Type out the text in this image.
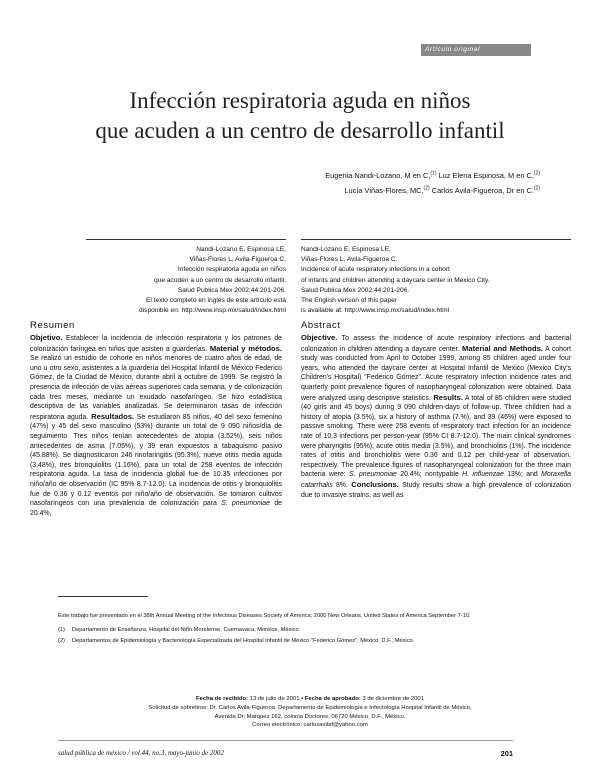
Artículo original
Infección respiratoria aguda en niños
que acuden a un centro de desarrollo infantil
Eugenia Nandi-Lozano, M en C,$^{(1)}$ Luz Elena Espinosa, M en C,$^{(2)}$
Lucía Viñas-Flores, MC,$^{(2)}$ Carlos Avila-Figueroa, Dr en C.$^{(2)}$
Nandi-Lozano E, Espinosa LE,
Viñas-Flores L, Avila-Figueroa C.
Infección respiratoria aguda en niños
que acuden a un centro de desarrollo infantil.
Salud Publica Mex 2002;44:201-206.
El texto completo en inglés de este artículo está
disponible en: http://www.insp.mx/salud/index.html
Nandi-Lozano E, Espinosa LE,
Viñas-Flores L, Avila-Figueroa C.
Incidence of acute respiratory infections in a cohort
of infants and children attending a daycare center in Mexico City.
Salud Publica Mex 2002;44:201-206.
The English version of this paper
is available at: http://www.insp.mx/salud/index.html
Resumen
Objetivo. Establecer la incidencia de infección respiratoria y los patrones de colonización faríngea en niños que asisten a guarderías. Material y métodos. Se realizó un estudio de cohorte en niños menores de cuatro años de edad, de uno u otro sexo, asistentes a la guardería del Hospital Infantil de México Federico Gómez, de la Ciudad de México, durante abril a octubre de 1999. Se registró la presencia de infección de vías aéreas superiores cada semana, y de colonización cada tres meses, mediante un exudado nasofaríngeo. Se hizo estadística descriptiva de las variables analizadas. Se determinaron tasas de infección respiratoria aguda. Resultados. Se estudiaron 85 niños, 40 del sexo femenino (47%) y 45 del sexo masculino (53%) durante un total de 9 090 niños/día de seguimiento. Tres niños tenían antecedentes de atopia (3.52%), seis niños antecedentes de asma (7.05%), y 39 eran expuestos a tabaquismo pasivo (45.88%). Se diagnosticaron 246 rinofaringitis (95.3%), nueve otitis media aguda (3.48%), tres bronquiolitis (1.16%), para un total de 258 eventos de infección respiratoria aguda. La tasa de incidencia global fue de 10.35 infecciones por niño/año de observación (IC 95% 8.7-12.0). La incidencia de otitis y bronquiolitis fue de 0.36 y 0.12 eventos por niño/año de observación. Se tomaron cultivos nasofaríngeos con una prevalencia de colonización para S. pneumoniae de 20.4%,
Abstract
Objective. To assess the incidence of acute respiratory infections and bacterial colonization in children attending a daycare center. Material and Methods. A cohort study was conducted from April to October 1999, among 85 children aged under four years, who attended the daycare center at Hospital Infantil de Mexico (Mexico City's Children's Hospital) "Federico Gómez". Acute respiratory infection incidence rates and quarterly point prevalence figures of nasopharyngeal colonization were obtained. Data were analyzed using descriptive statistics. Results. A total of 85 children were studied (40 girls and 45 boys) during 9 090 children-days of follow-up. Three children had a history of atopia (3.5%), six a history of asthma (7.%), and 39 (46%) were exposed to passive smoking. There were 258 events of respiratory tract infection for an incidence rate of 10.3 infections per person-year (95% CI 8.7-12.0). The main clinical syndromes were pharyngitis (95%), acute otitis media (3.5%), and bronchiolitis (1%). The incidence rates of otitis and bronchiolitis were 0.36 and 0.12 per child-year of observation, respectively. The prevalence figures of nasopharyngeal colonization for the three main bacteria were: S. pneumoniae 20.4%; nontypable H. influenzae 13%; and Moraxella catarrhalis 8%. Conclusions. Study results show a high prevalence of colonization due to invasive strains, as well as
Este trabajo fue presentado en el 38th Annual Meeting of the Infectious Diseases Society of America; 2000 New Orleans, United States of America September 7-10.
(1)	Departamento de Enseñanza, Hospital del Niño Morelense, Cuernavaca, Morelos, México.
(2)	Departamentos de Epidemiología y Bacteriología Especializada del Hospital Infantil de México "Federico Gómez", México, D.F., México.
Fecha de recibido: 13 de julio de 2001 • Fecha de aprobado: 3 de diciembre de 2001
Solicitud de sobretiros: Dr. Carlos Avila-Figueroa. Departamento de Epidemiología e Infectología Hospital Infantil de México,
Avenida Dr. Marquez 162, colonia Doctores, 06720 México, D.F., México.
Correo electrónico: carlosavilaf@yahoo.com
salud pública de méxico / vol.44, no.3, mayo-junio de 2002	201
